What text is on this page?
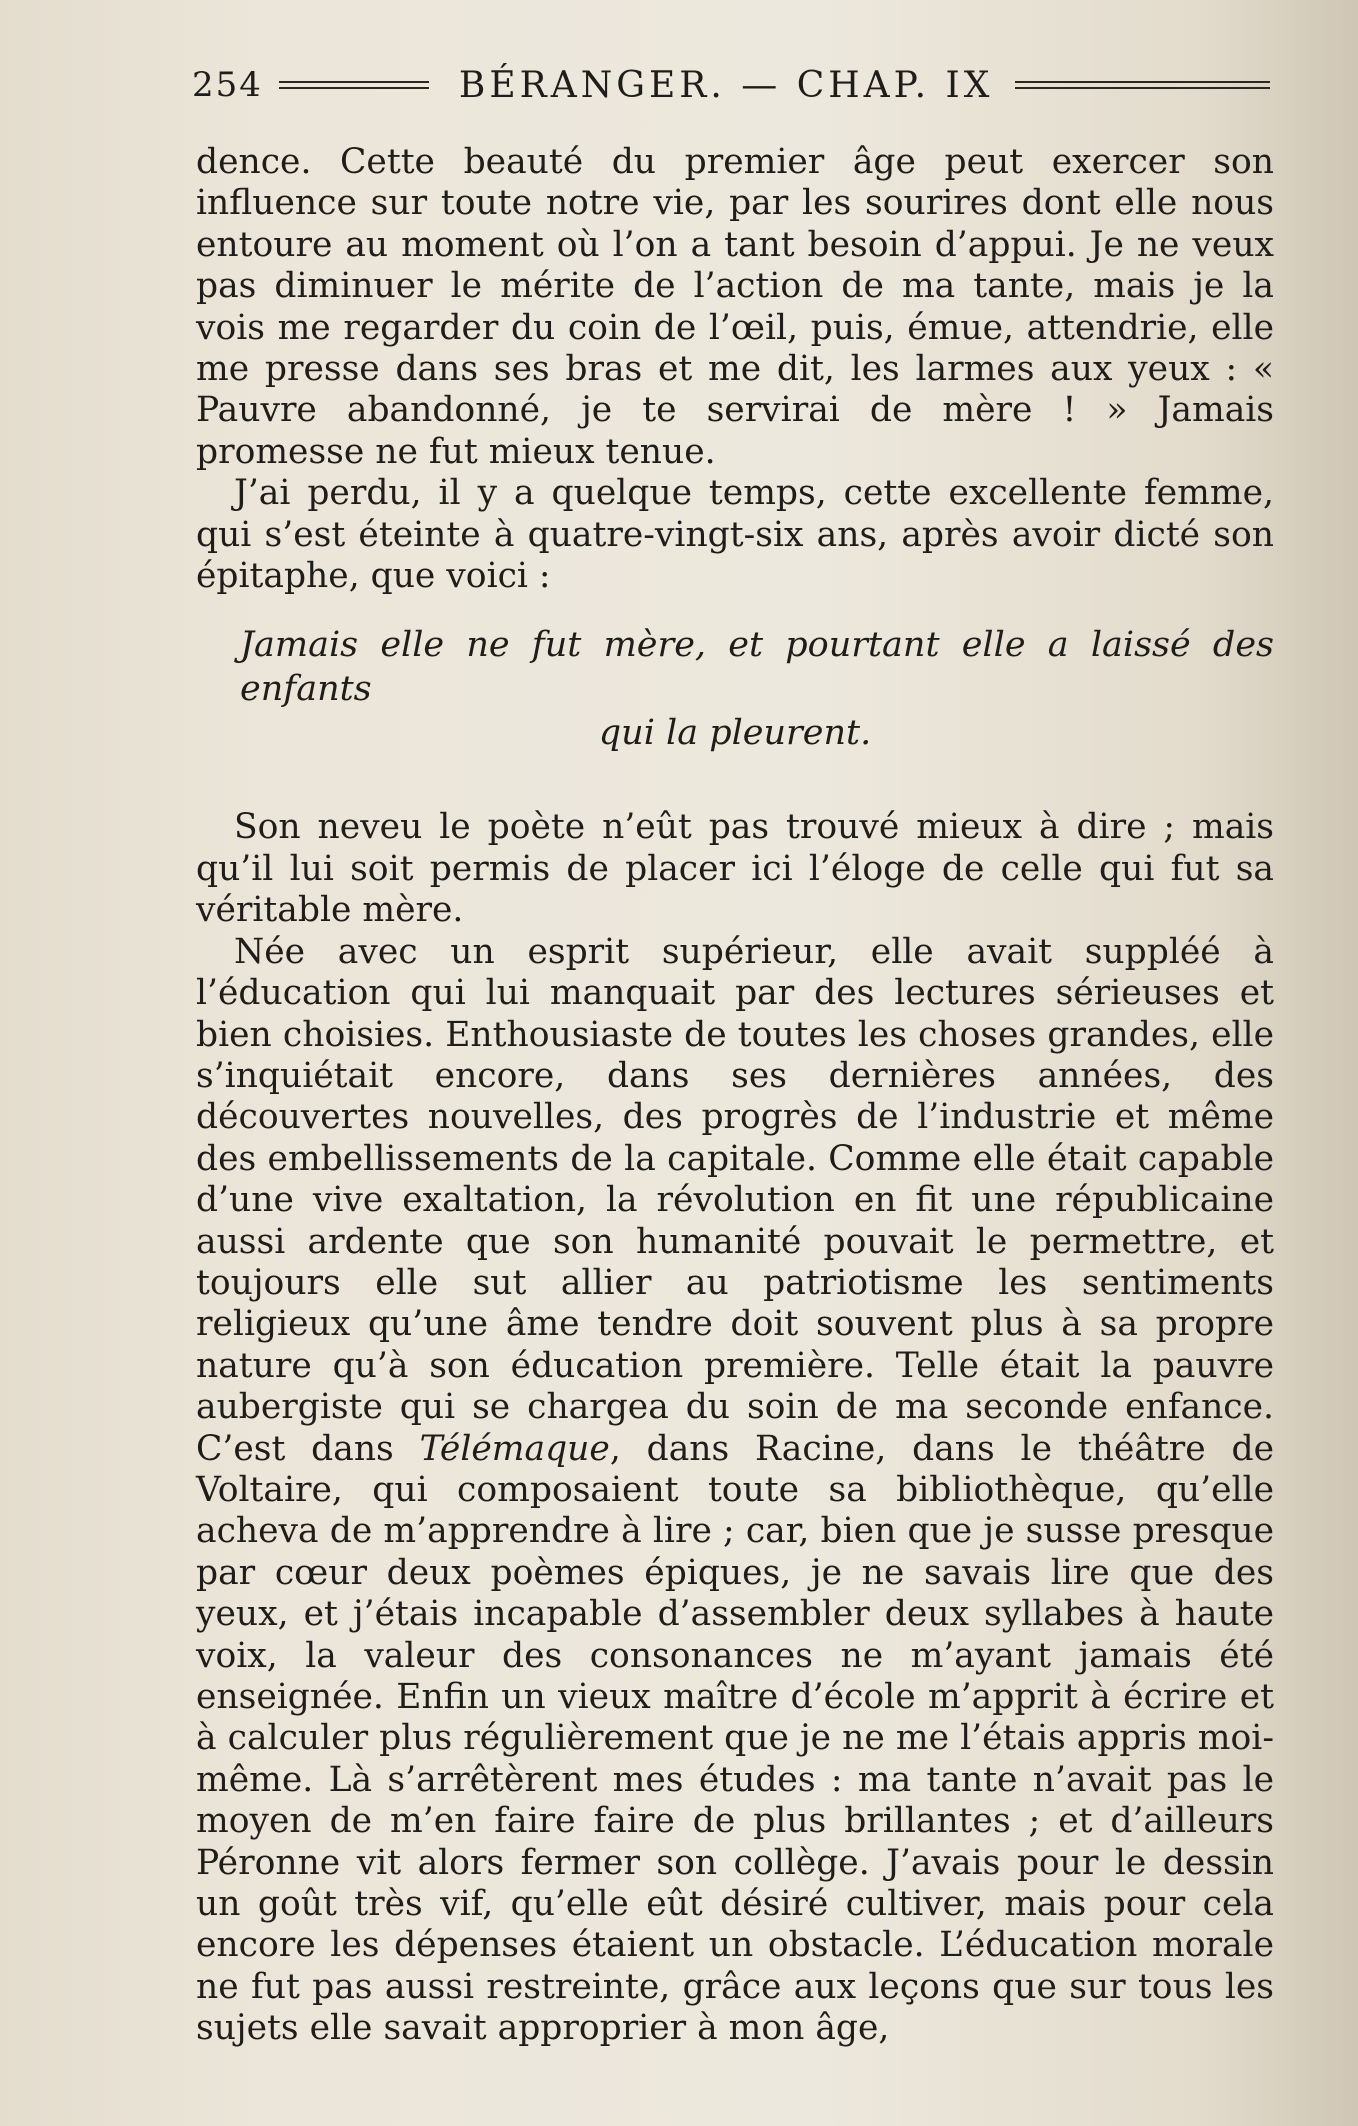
254	BÉRANGER. — CHAP. IX

dence. Cette beauté du premier âge peut exercer son influence sur toute notre vie, par les sourires dont elle nous entoure au moment où l’on a tant besoin d’appui. Je ne veux pas diminuer le mérite de l’action de ma tante, mais je la vois me regarder du coin de l’œil, puis, émue, attendrie, elle me presse dans ses bras et me dit, les larmes aux yeux : « Pauvre abandonné, je te servirai de mère ! » Jamais promesse ne fut mieux tenue.

J’ai perdu, il y a quelque temps, cette excellente femme, qui s’est éteinte à quatre-vingt-six ans, après avoir dicté son épitaphe, que voici :

Jamais elle ne fut mère, et pourtant elle a laissé des enfants
qui la pleurent.

Son neveu le poète n’eût pas trouvé mieux à dire ; mais qu’il lui soit permis de placer ici l’éloge de celle qui fut sa véritable mère.

Née avec un esprit supérieur, elle avait suppléé à l’éducation qui lui manquait par des lectures sérieuses et bien choisies. Enthousiaste de toutes les choses grandes, elle s’inquiétait encore, dans ses dernières années, des découvertes nouvelles, des progrès de l’industrie et même des embellissements de la capitale. Comme elle était capable d’une vive exaltation, la révolution en fit une républicaine aussi ardente que son humanité pouvait le permettre, et toujours elle sut allier au patriotisme les sentiments religieux qu’une âme tendre doit souvent plus à sa propre nature qu’à son éducation première. Telle était la pauvre aubergiste qui se chargea du soin de ma seconde enfance. C’est dans Télémaque, dans Racine, dans le théâtre de Voltaire, qui composaient toute sa bibliothèque, qu’elle acheva de m’apprendre à lire ; car, bien que je susse presque par cœur deux poèmes épiques, je ne savais lire que des yeux, et j’étais incapable d’assembler deux syllabes à haute voix, la valeur des consonances ne m’ayant jamais été enseignée. Enfin un vieux maître d’école m’apprit à écrire et à calculer plus régulièrement que je ne me l’étais appris moi-même. Là s’arrêtèrent mes études : ma tante n’avait pas le moyen de m’en faire faire de plus brillantes ; et d’ailleurs Péronne vit alors fermer son collège. J’avais pour le dessin un goût très vif, qu’elle eût désiré cultiver, mais pour cela encore les dépenses étaient un obstacle. L’éducation morale ne fut pas aussi restreinte, grâce aux leçons que sur tous les sujets elle savait approprier à mon âge,
